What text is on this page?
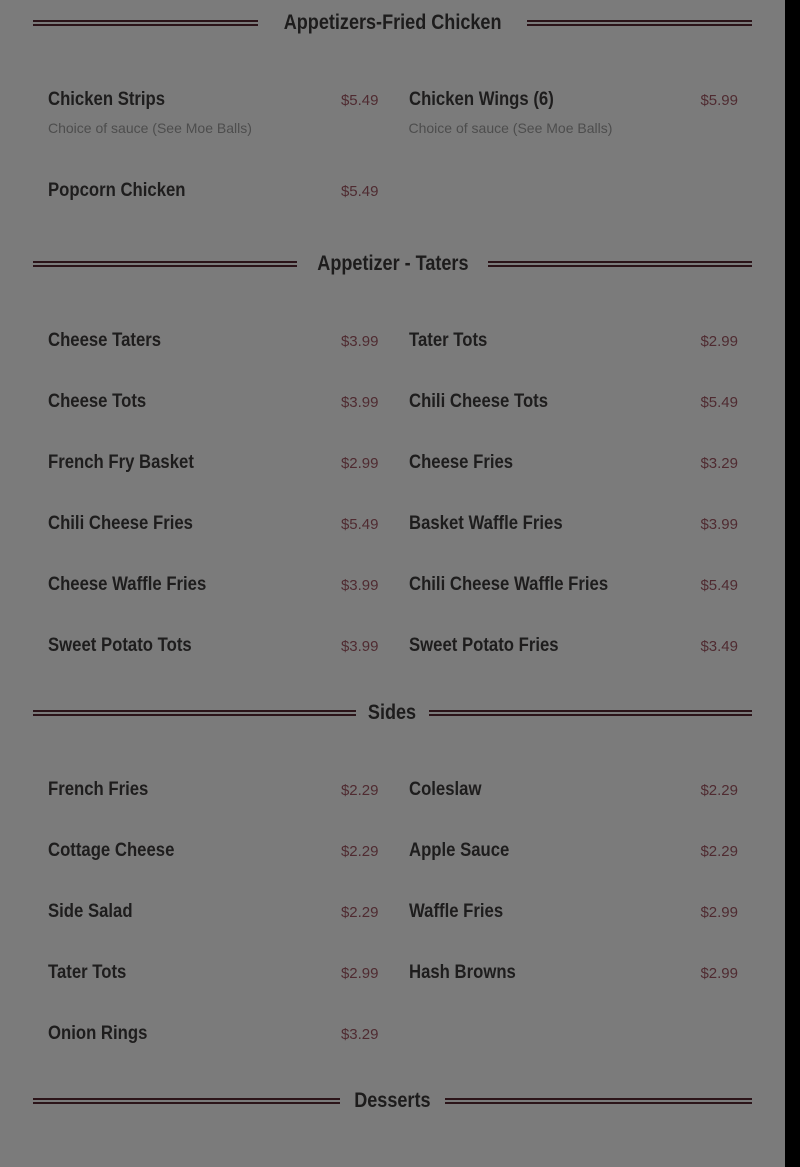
Appetizers-Fried Chicken
Chicken Strips	$5.49
Choice of sauce (See Moe Balls)
Chicken Wings (6)	$5.99
Choice of sauce (See Moe Balls)
Popcorn Chicken	$5.49
Appetizer - Taters
Cheese Taters	$3.99 Tater Tots	$2.99
Cheese Tots	$3.99 Chili Cheese Tots	$5.49
French Fry Basket	$2.99 Cheese Fries	$3.29
Chili Cheese Fries	$5.49 Basket Waffle Fries	$3.99
Cheese Waffle Fries	$3.99 Chili Cheese Waffle Fries	$5.49
Sweet Potato Tots	$3.99 Sweet Potato Fries	$3.49
Sides
French Fries	$2.29 Coleslaw	$2.29
Cottage Cheese	$2.29 Apple Sauce	$2.29
Side Salad	$2.29 Waffle Fries	$2.99
Tater Tots	$2.99 Hash Browns	$2.99
Onion Rings	$3.29
Desserts
